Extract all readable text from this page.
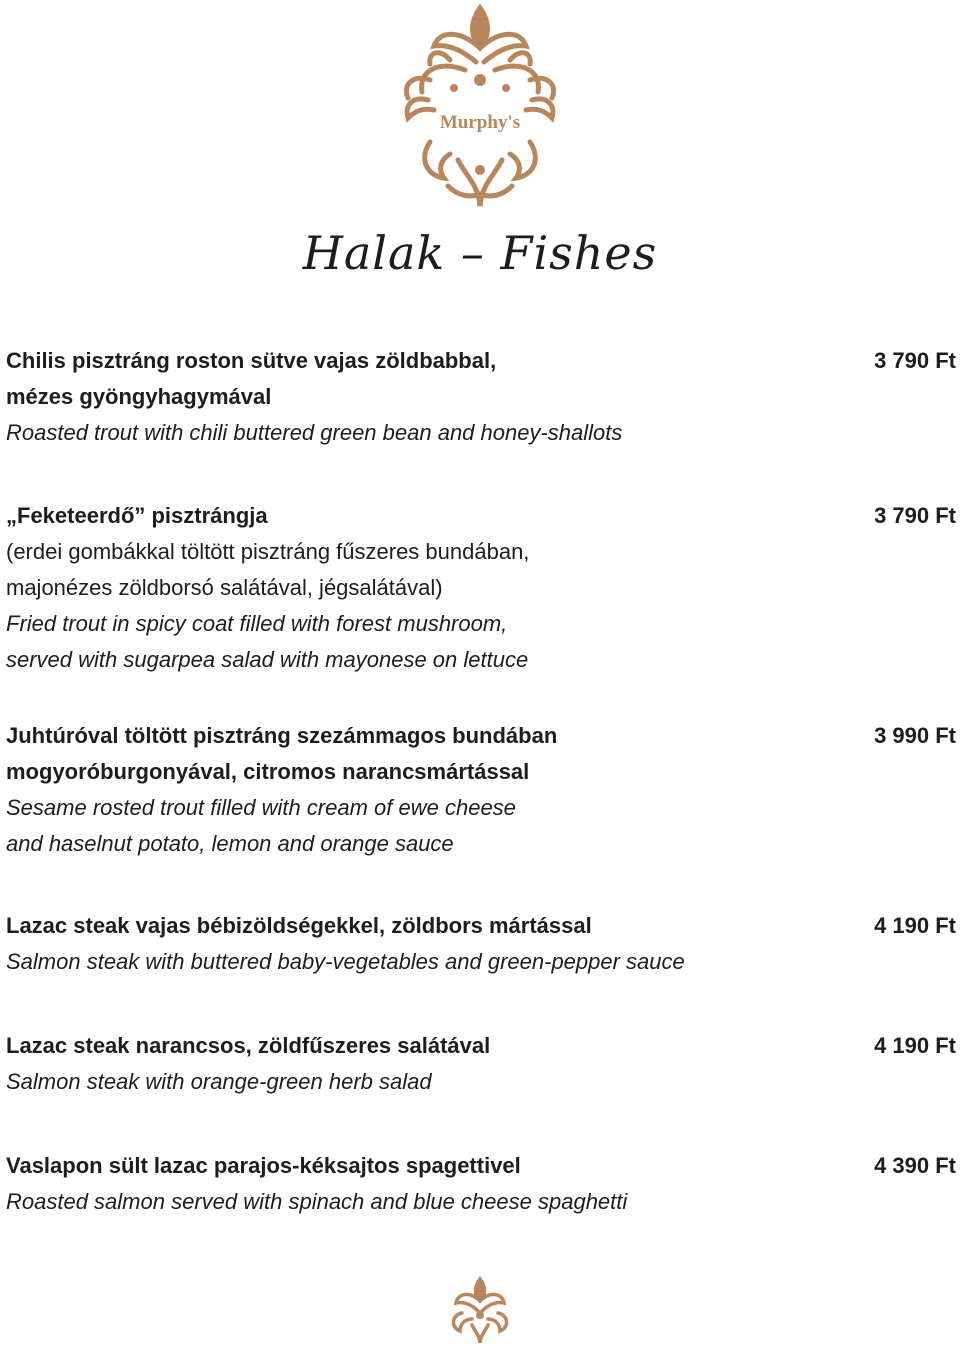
Murphy's
Halak – Fishes
Chilis pisztráng roston sütve vajas zöldbabbal,
mézes gyöngyhagymával
Roasted trout with chili buttered green bean and honey-shallots
3 790 Ft
„Feketeerdő” pisztrángja
(erdei gombákkal töltött pisztráng fűszeres bundában,
majonézes zöldborsó salátával, jégsalátával)
Fried trout in spicy coat filled with forest mushroom,
served with sugarpea salad with mayonese on lettuce
3 790 Ft
Juhtúróval töltött pisztráng szezámmagos bundában
mogyoróburgonyával, citromos narancsmártással
Sesame rosted trout filled with cream of ewe cheese
and haselnut potato, lemon and orange sauce
3 990 Ft
Lazac steak vajas bébizöldségekkel, zöldbors mártással
Salmon steak with buttered baby-vegetables and green-pepper sauce
4 190 Ft
Lazac steak narancsos, zöldfűszeres salátával
Salmon steak with orange-green herb salad
4 190 Ft
Vaslapon sült lazac parajos-kéksajtos spagettivel
Roasted salmon served with spinach and blue cheese spaghetti
4 390 Ft
